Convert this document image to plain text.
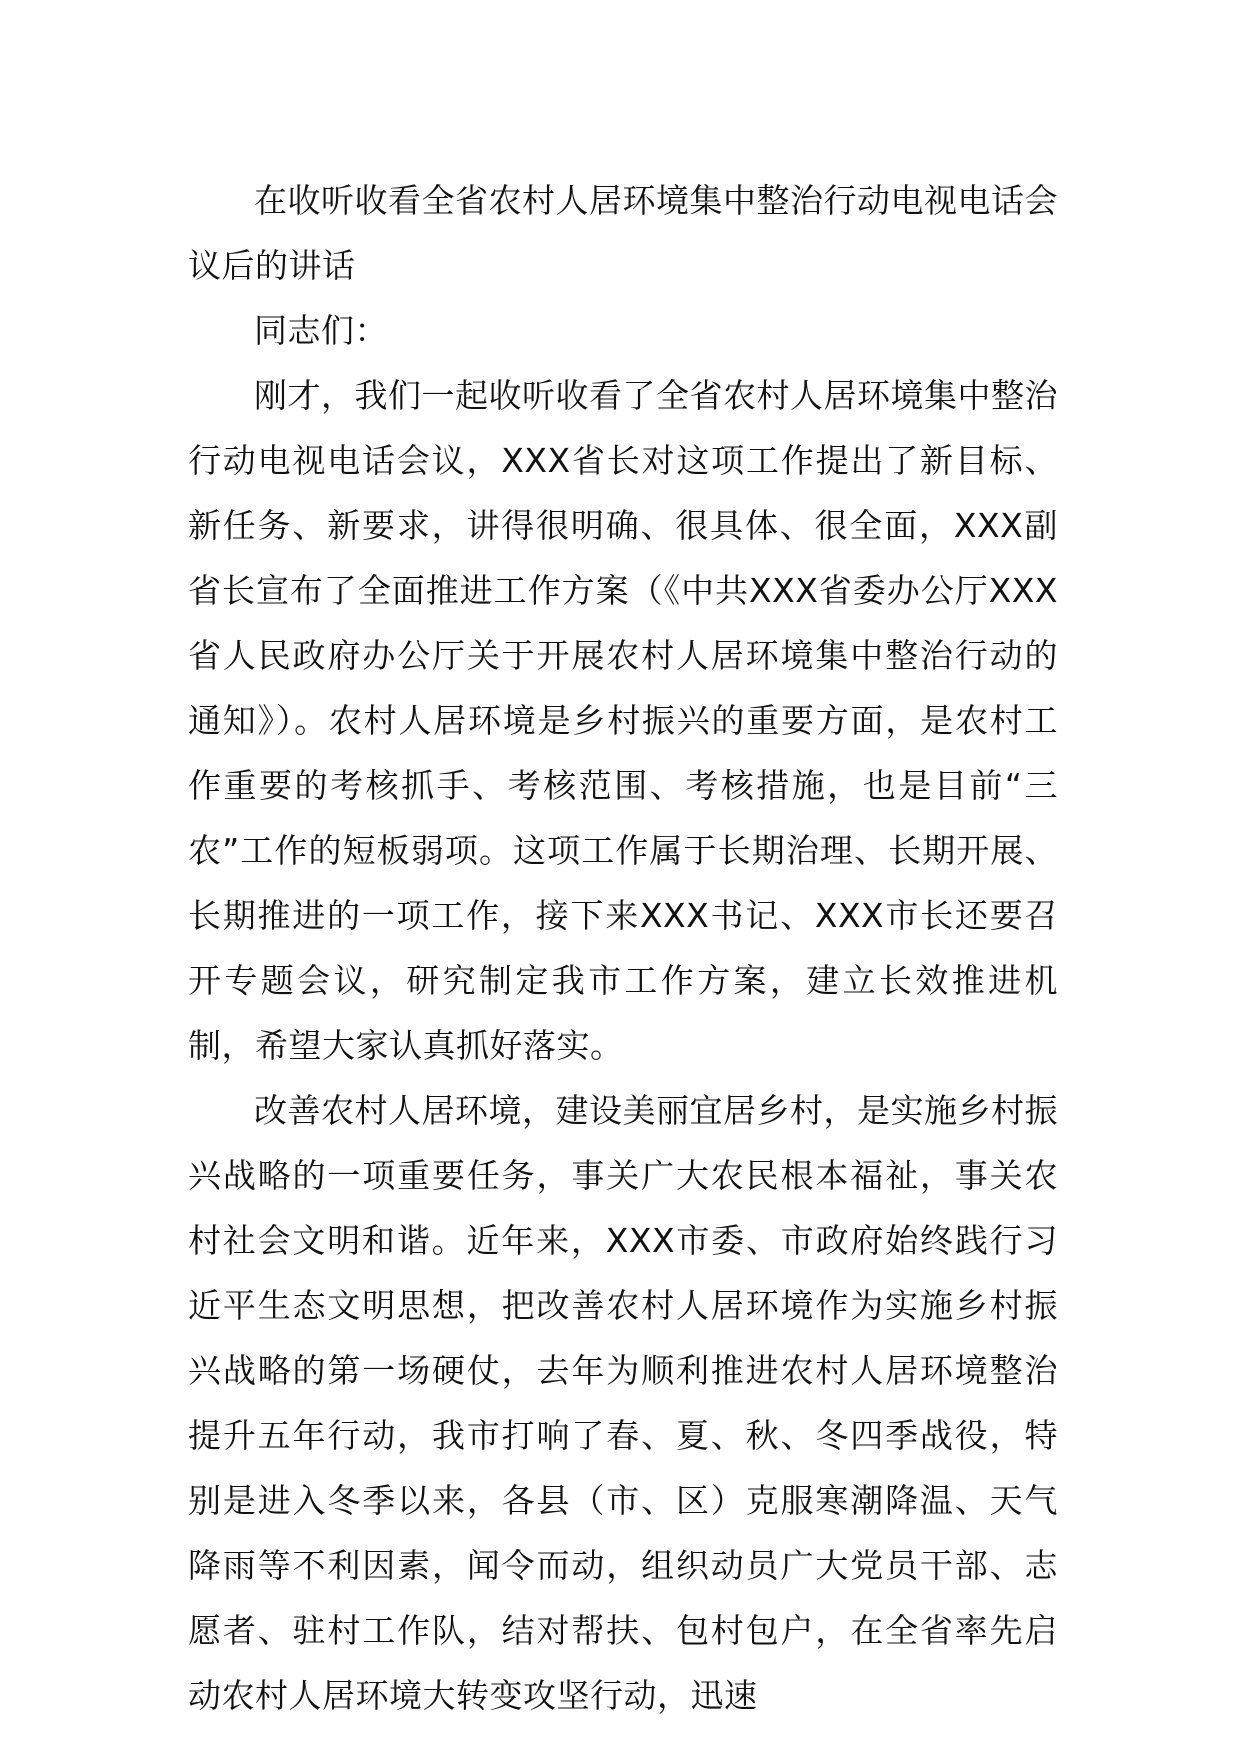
在收听收看全省农村人居环境集中整治行动电视电话会议后的讲话

同志们：

刚才，我们一起收听收看了全省农村人居环境集中整治行动电视电话会议，XXX省长对这项工作提出了新目标、新任务、新要求，讲得很明确、很具体、很全面，XXX副省长宣布了全面推进工作方案（《中共XXX省委办公厅XXX省人民政府办公厅关于开展农村人居环境集中整治行动的通知》）。农村人居环境是乡村振兴的重要方面，是农村工作重要的考核抓手、考核范围、考核措施，也是目前“三农”工作的短板弱项。这项工作属于长期治理、长期开展、长期推进的一项工作，接下来XXX书记、XXX市长还要召开专题会议，研究制定我市工作方案，建立长效推进机制，希望大家认真抓好落实。

改善农村人居环境，建设美丽宜居乡村，是实施乡村振兴战略的一项重要任务，事关广大农民根本福祉，事关农村社会文明和谐。近年来，XXX市委、市政府始终践行习近平生态文明思想，把改善农村人居环境作为实施乡村振兴战略的第一场硬仗，去年为顺利推进农村人居环境整治提升五年行动，我市打响了春、夏、秋、冬四季战役，特别是进入冬季以来，各县（市、区）克服寒潮降温、天气降雨等不利因素，闻令而动，组织动员广大党员干部、志愿者、驻村工作队，结对帮扶、包村包户，在全省率先启动农村人居环境大转变攻坚行动，迅速
